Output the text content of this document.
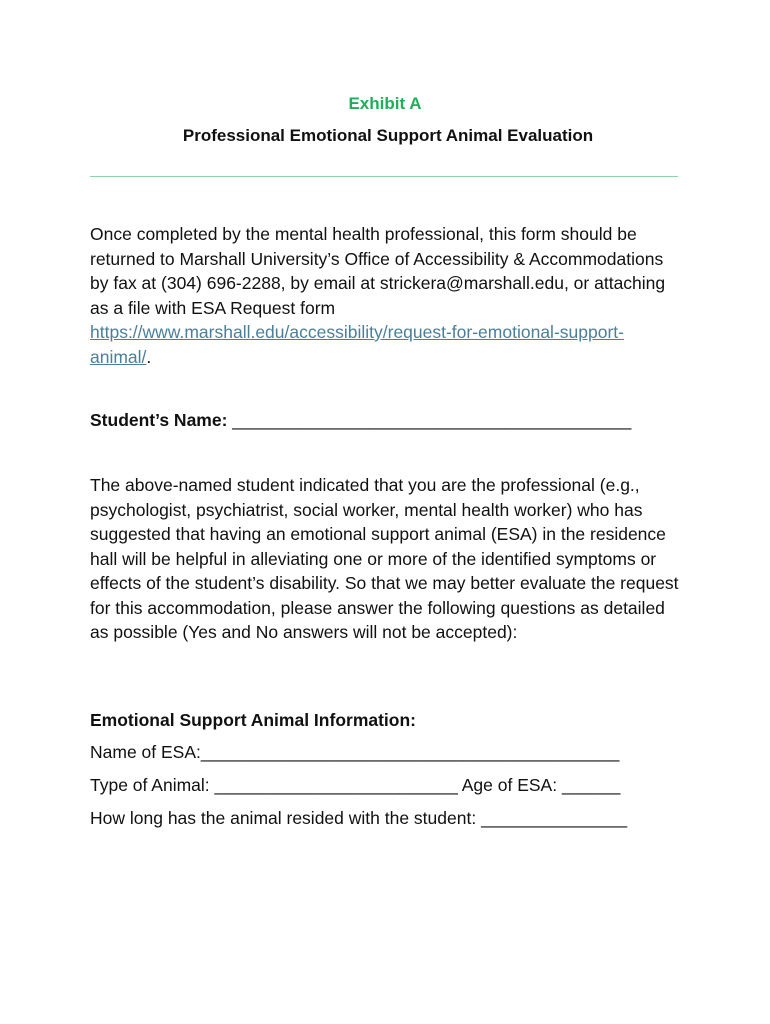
Exhibit A
Professional Emotional Support Animal Evaluation

Once completed by the mental health professional, this form should be returned to Marshall University’s Office of Accessibility & Accommodations by fax at (304) 696-2288, by email at strickera@marshall.edu, or attaching as a file with ESA Request form https://www.marshall.edu/accessibility/request-for-emotional-support-animal/.

Student’s Name: _________________________________________

The above-named student indicated that you are the professional (e.g., psychologist, psychiatrist, social worker, mental health worker) who has suggested that having an emotional support animal (ESA) in the residence hall will be helpful in alleviating one or more of the identified symptoms or effects of the student’s disability. So that we may better evaluate the request for this accommodation, please answer the following questions as detailed as possible (Yes and No answers will not be accepted):

Emotional Support Animal Information:
Name of ESA:___________________________________________
Type of Animal: _________________________ Age of ESA: ______
How long has the animal resided with the student: _______________
